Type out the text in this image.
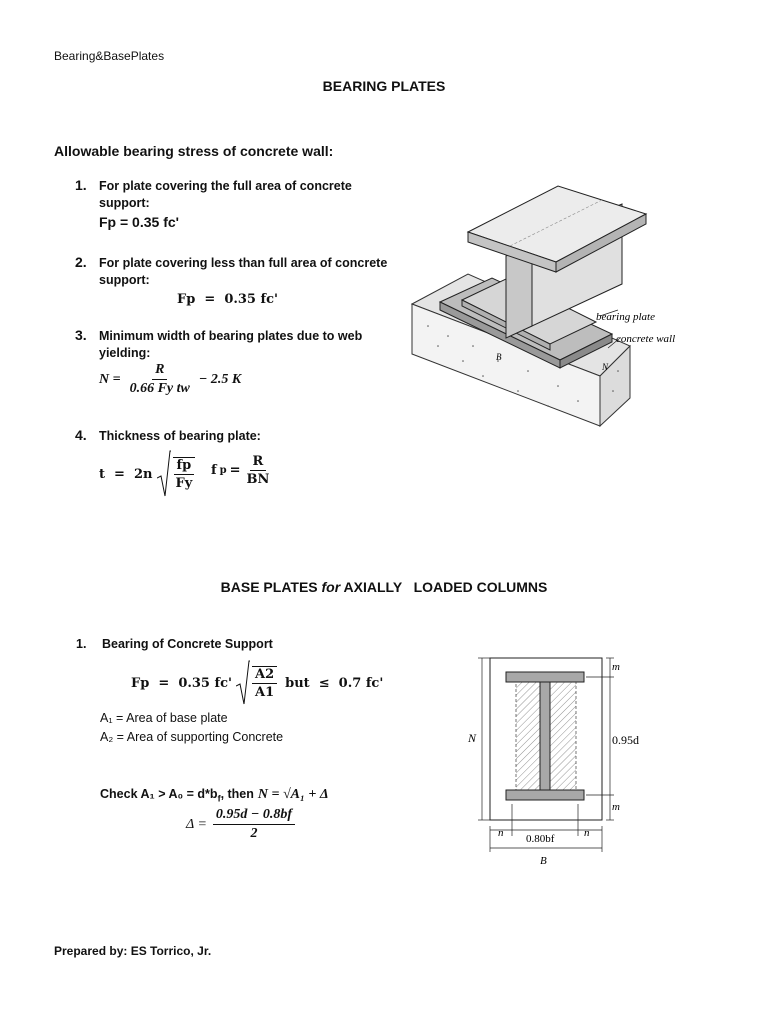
Bearing&BasePlates
BEARING PLATES
Allowable bearing stress of concrete wall:
1. For plate covering the full area of concrete
support:
Fp = 0.35 fc'
2. For plate covering less than full area of concrete
support:
Fp  =  0.35 fc'
3. Minimum width of bearing plates due to web
yielding:
$N = \frac{R}{\text{0.66 Fy tw}} - 2.5$ K
4. Thickness of bearing plate:
$t = 2n \frac{fp}{Fy}$ f $p = \frac{R}{BN}$
bearing plate
concrete wall
B
N
BASE PLATES for AXIALLY   LOADED COLUMNS
1. Bearing of Concrete Support
Fp  =  0.35 $fc' \frac{A2}{A1}$ but  ≤  0.7 fc'
A₁ = Area of base plate
A₂ = Area of supporting Concrete
Check $A_1 > A_0 = d*b_f$, then N = √A₁ + Δ
$\Delta = \frac{0.95d - 0.8bf}{2}$
N
m
0.95d
m
n 0.80bf	n
B
Prepared by: ES Torrico, Jr.
